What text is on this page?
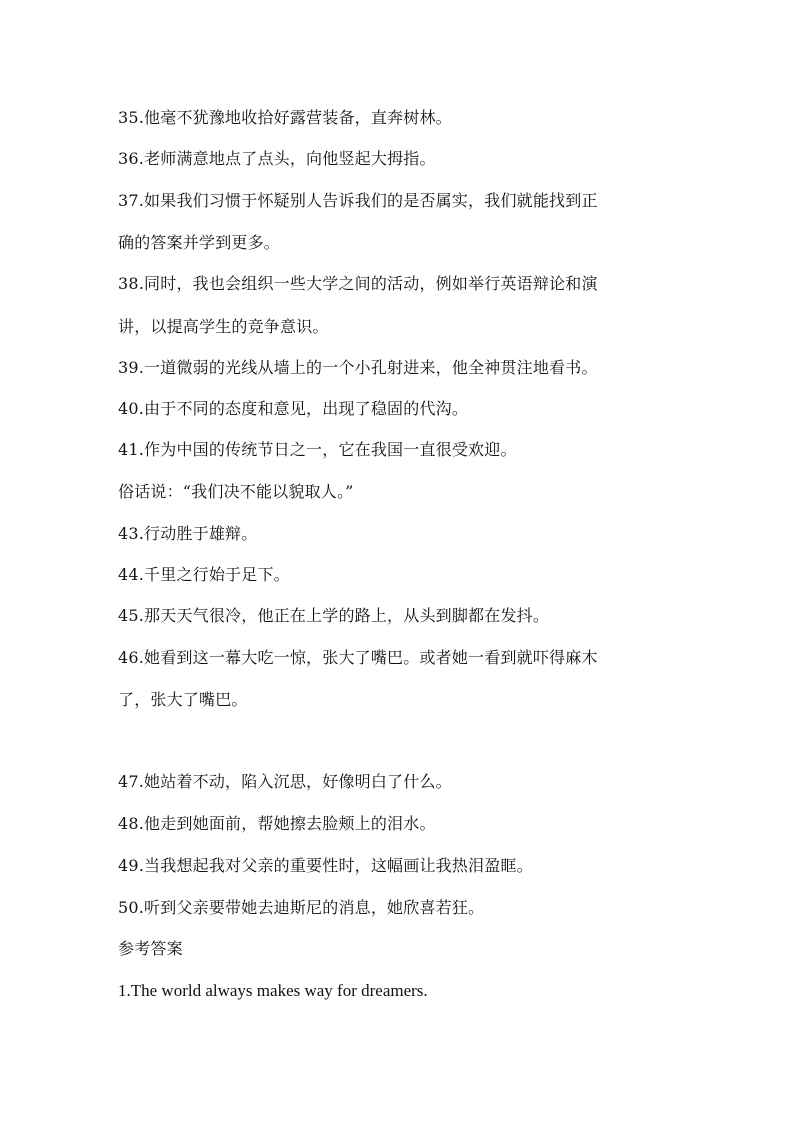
35.他毫不犹豫地收拾好露营装备，直奔树林。
36.老师满意地点了点头，向他竖起大拇指。
37.如果我们习惯于怀疑别人告诉我们的是否属实，我们就能找到正
确的答案并学到更多。
38.同时，我也会组织一些大学之间的活动，例如举行英语辩论和演
讲，以提高学生的竞争意识。
39.一道微弱的光线从墙上的一个小孔射进来，他全神贯注地看书。
40.由于不同的态度和意见，出现了稳固的代沟。
41.作为中国的传统节日之一，它在我国一直很受欢迎。
俗话说：“我们决不能以貌取人。”
43.行动胜于雄辩。
44.千里之行始于足下。
45.那天天气很冷，他正在上学的路上，从头到脚都在发抖。
46.她看到这一幕大吃一惊，张大了嘴巴。或者她一看到就吓得麻木
了，张大了嘴巴。
47.她站着不动，陷入沉思，好像明白了什么。
48.他走到她面前，帮她擦去脸颊上的泪水。
49.当我想起我对父亲的重要性时，这幅画让我热泪盈眶。
50.听到父亲要带她去迪斯尼的消息，她欣喜若狂。
参考答案
1.The world always makes way for dreamers.
